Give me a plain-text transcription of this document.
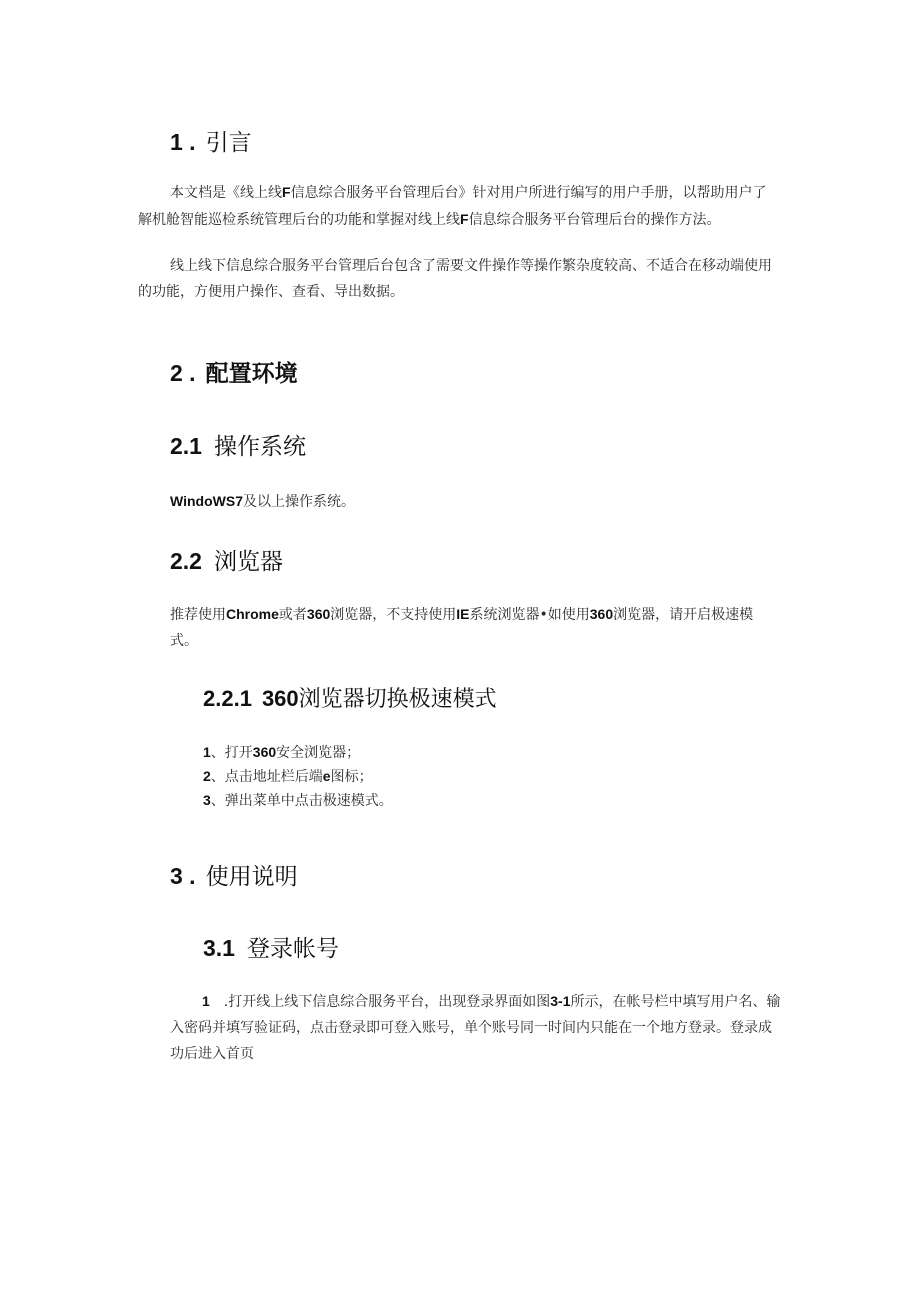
1 . 引言

本文档是《线上线F信息综合服务平台管理后台》针对用户所进行编写的用户手册，以帮助用户了解机舱智能巡检系统管理后台的功能和掌握对线上线F信息综合服务平台管理后台的操作方法。

线上线下信息综合服务平台管理后台包含了需要文件操作等操作繁杂度较高、不适合在移动端使用的功能，方便用户操作、查看、导出数据。

2 . 配置环境
2.1 操作系统

WindoWS7及以上操作系统。

2.2 浏览器

推荐使用Chrome或者360浏览器，不支持使用IE系统浏览器•如使用360浏览器，请开启极速模式。

2.2.1 360浏览器切换极速模式

1、打开360安全浏览器；

2、点击地址栏后端e图标；

3、弹出菜单中点击极速模式。

3 . 使用说明
3.1 登录帐号

1 .打开线上线下信息综合服务平台，出现登录界面如图3-1所示，在帐号栏中填写用户名、输入密码并填写验证码，点击登录即可登入账号，单个账号同一时间内只能在一个地方登录。登录成功后进入首页
